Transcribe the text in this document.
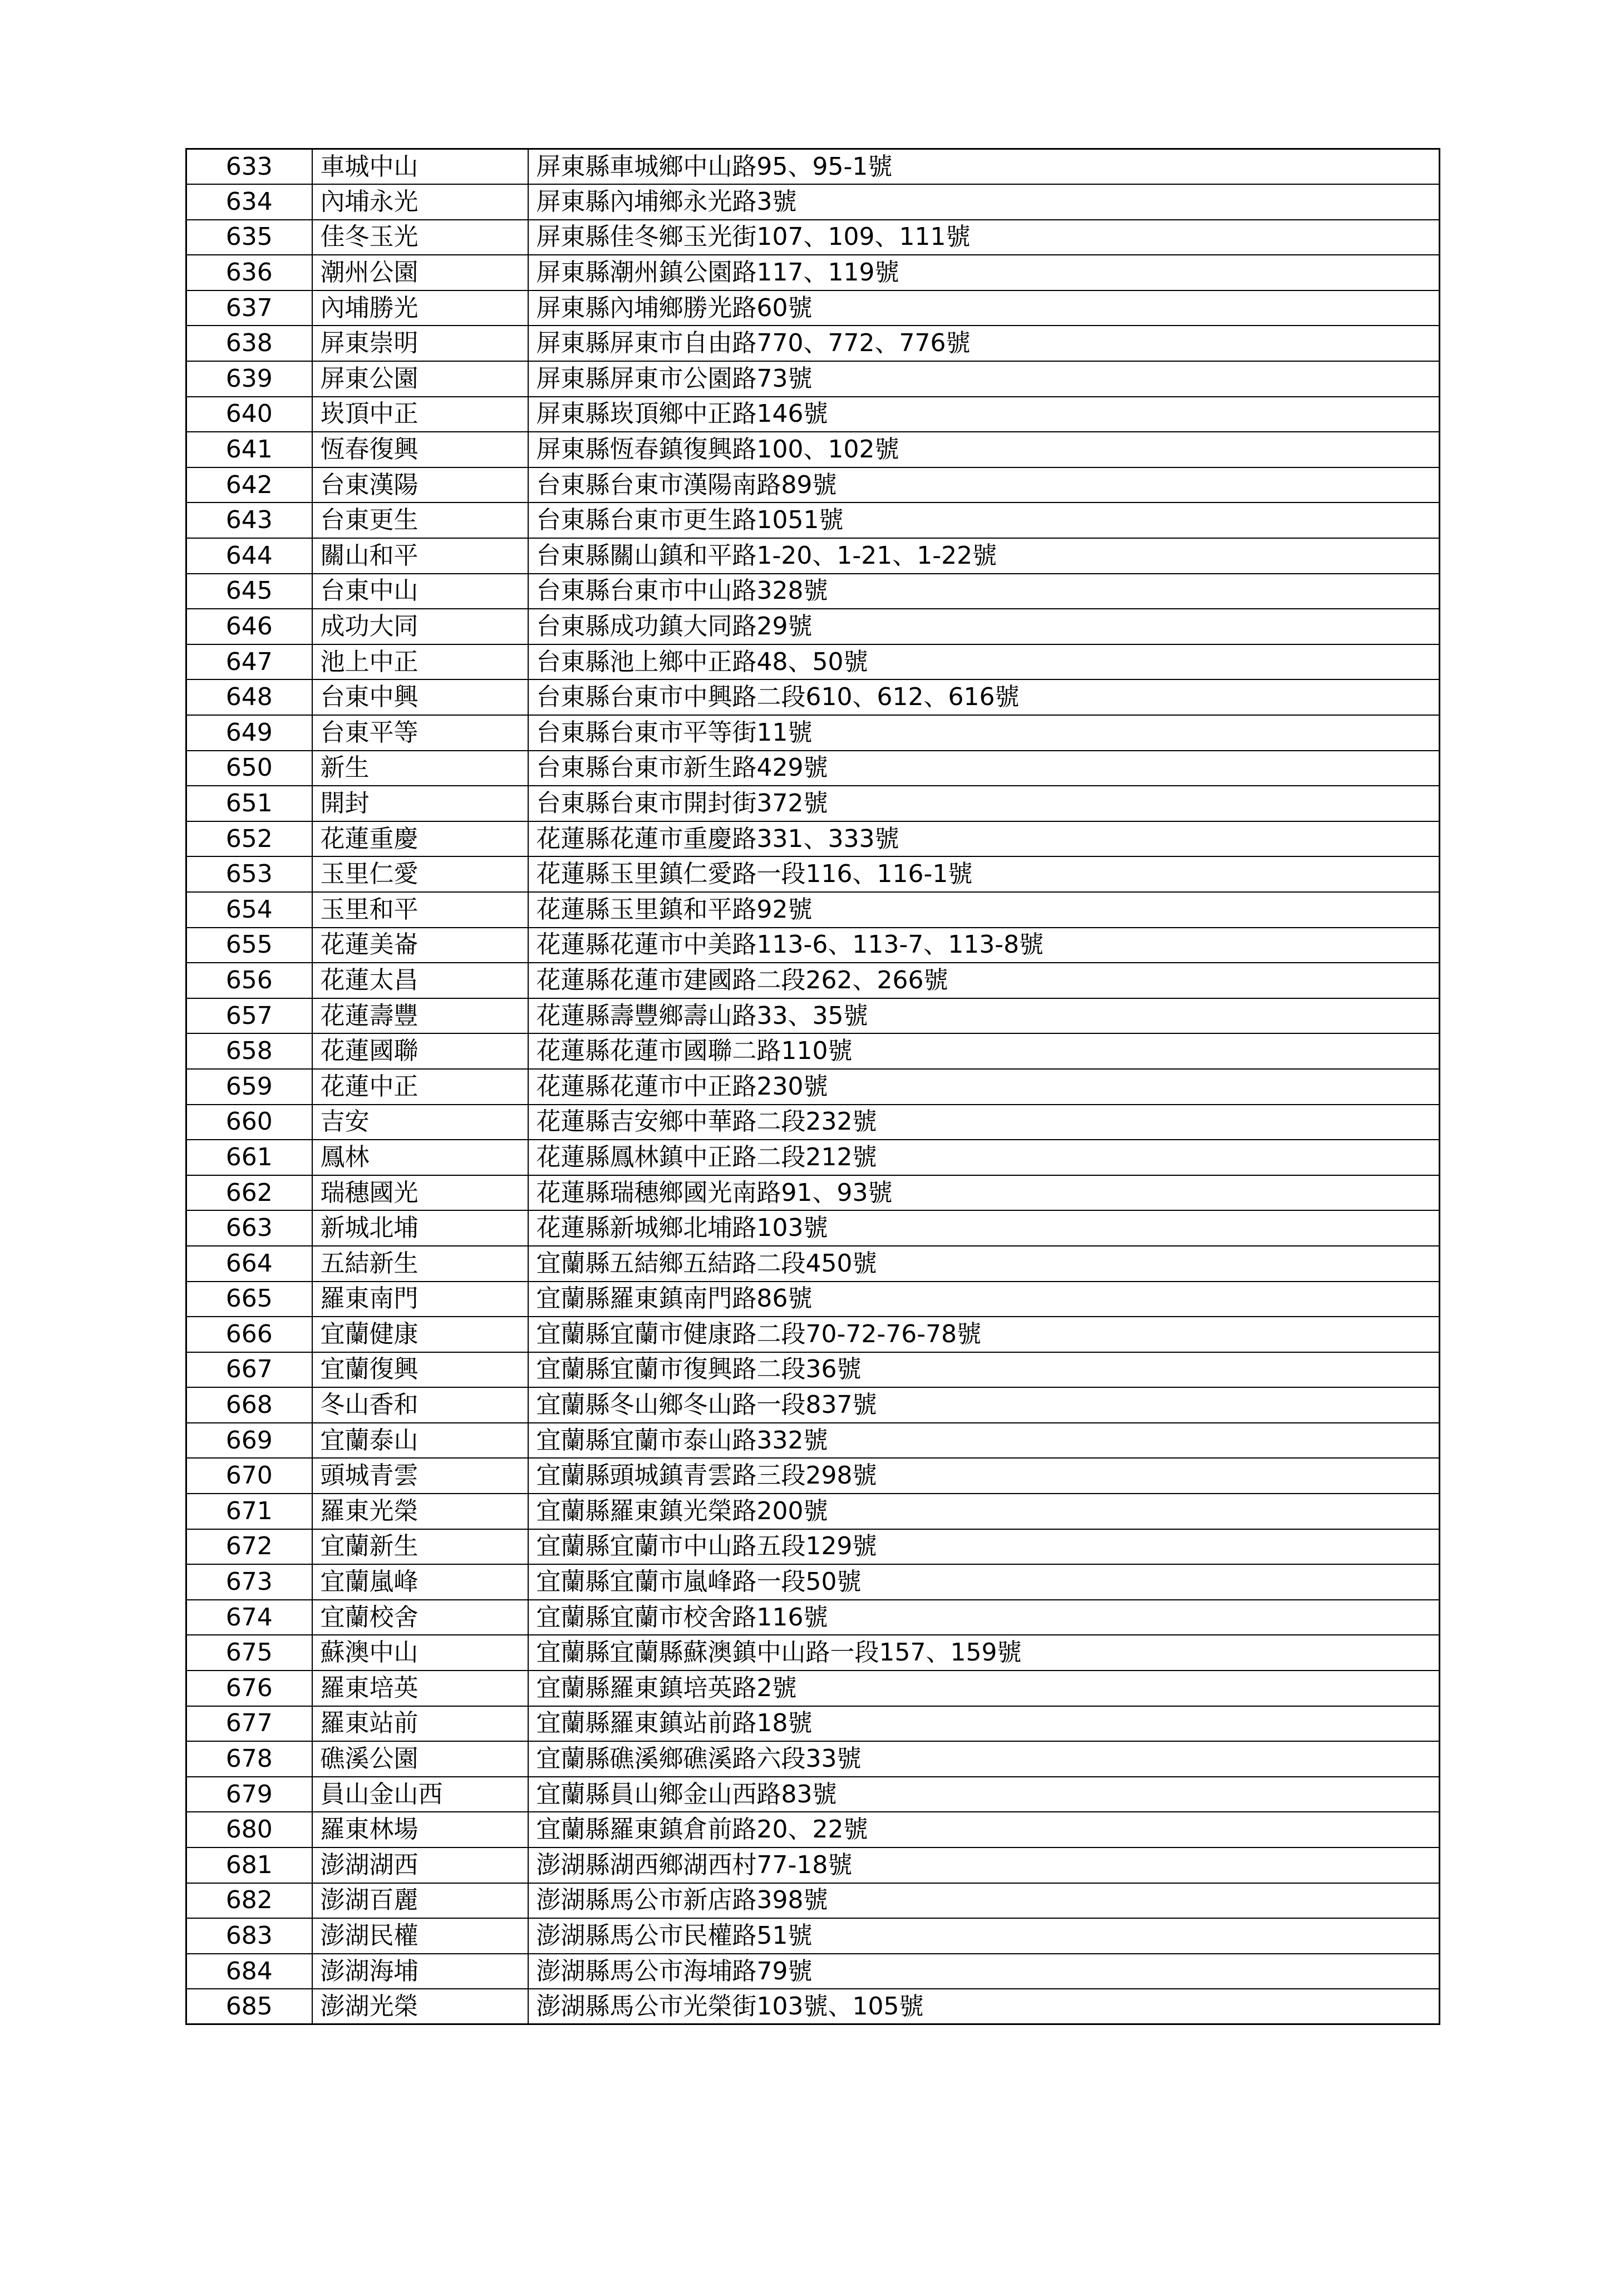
633	車城中山	屏東縣車城鄉中山路95、95-1號
634	內埔永光	屏東縣內埔鄉永光路3號
635	佳冬玉光	屏東縣佳冬鄉玉光街107、109、111號
636	潮州公園	屏東縣潮州鎮公園路117、119號
637	內埔勝光	屏東縣內埔鄉勝光路60號
638	屏東崇明	屏東縣屏東市自由路770、772、776號
639	屏東公園	屏東縣屏東市公園路73號
640	崁頂中正	屏東縣崁頂鄉中正路146號
641	恆春復興	屏東縣恆春鎮復興路100、102號
642	台東漢陽	台東縣台東市漢陽南路89號
643	台東更生	台東縣台東市更生路1051號
644	關山和平	台東縣關山鎮和平路1-20、1-21、1-22號
645	台東中山	台東縣台東市中山路328號
646	成功大同	台東縣成功鎮大同路29號
647	池上中正	台東縣池上鄉中正路48、50號
648	台東中興	台東縣台東市中興路二段610、612、616號
649	台東平等	台東縣台東市平等街11號
650	新生	台東縣台東市新生路429號
651	開封	台東縣台東市開封街372號
652	花蓮重慶	花蓮縣花蓮市重慶路331、333號
653	玉里仁愛	花蓮縣玉里鎮仁愛路一段116、116-1號
654	玉里和平	花蓮縣玉里鎮和平路92號
655	花蓮美崙	花蓮縣花蓮市中美路113-6、113-7、113-8號
656	花蓮太昌	花蓮縣花蓮市建國路二段262、266號
657	花蓮壽豐	花蓮縣壽豐鄉壽山路33、35號
658	花蓮國聯	花蓮縣花蓮市國聯二路110號
659	花蓮中正	花蓮縣花蓮市中正路230號
660	吉安	花蓮縣吉安鄉中華路二段232號
661	鳳林	花蓮縣鳳林鎮中正路二段212號
662	瑞穗國光	花蓮縣瑞穗鄉國光南路91、93號
663	新城北埔	花蓮縣新城鄉北埔路103號
664	五結新生	宜蘭縣五結鄉五結路二段450號
665	羅東南門	宜蘭縣羅東鎮南門路86號
666	宜蘭健康	宜蘭縣宜蘭市健康路二段70-72-76-78號
667	宜蘭復興	宜蘭縣宜蘭市復興路二段36號
668	冬山香和	宜蘭縣冬山鄉冬山路一段837號
669	宜蘭泰山	宜蘭縣宜蘭市泰山路332號
670	頭城青雲	宜蘭縣頭城鎮青雲路三段298號
671	羅東光榮	宜蘭縣羅東鎮光榮路200號
672	宜蘭新生	宜蘭縣宜蘭市中山路五段129號
673	宜蘭嵐峰	宜蘭縣宜蘭市嵐峰路一段50號
674	宜蘭校舍	宜蘭縣宜蘭市校舍路116號
675	蘇澳中山	宜蘭縣宜蘭縣蘇澳鎮中山路一段157、159號
676	羅東培英	宜蘭縣羅東鎮培英路2號
677	羅東站前	宜蘭縣羅東鎮站前路18號
678	礁溪公園	宜蘭縣礁溪鄉礁溪路六段33號
679	員山金山西	宜蘭縣員山鄉金山西路83號
680	羅東林場	宜蘭縣羅東鎮倉前路20、22號
681	澎湖湖西	澎湖縣湖西鄉湖西村77-18號
682	澎湖百麗	澎湖縣馬公市新店路398號
683	澎湖民權	澎湖縣馬公市民權路51號
684	澎湖海埔	澎湖縣馬公市海埔路79號
685	澎湖光榮	澎湖縣馬公市光榮街103號、105號
